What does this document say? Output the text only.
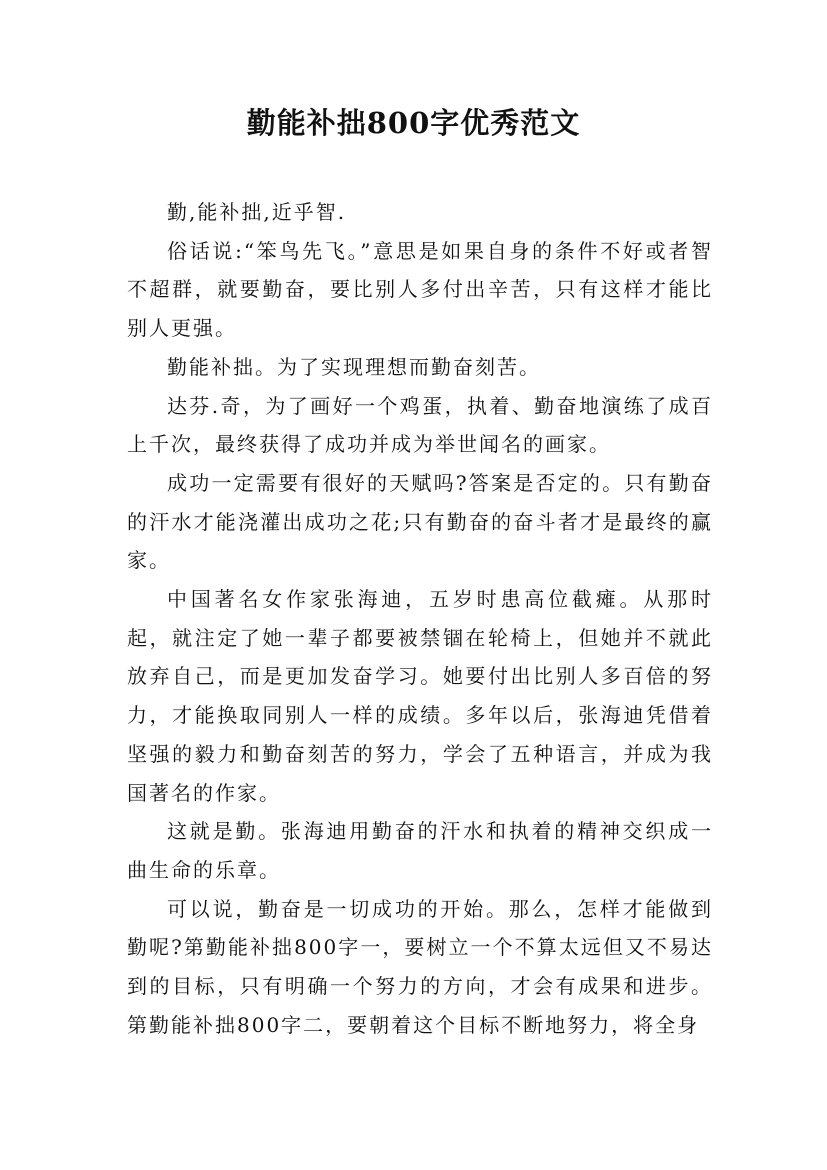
勤能补拙800字优秀范文

勤,能补拙,近乎智.

俗话说:“笨鸟先飞。”意思是如果自身的条件不好或者智不超群，就要勤奋，要比别人多付出辛苦，只有这样才能比别人更强。

勤能补拙。为了实现理想而勤奋刻苦。

达芬.奇，为了画好一个鸡蛋，执着、勤奋地演练了成百上千次，最终获得了成功并成为举世闻名的画家。

成功一定需要有很好的天赋吗?答案是否定的。只有勤奋的汗水才能浇灌出成功之花;只有勤奋的奋斗者才是最终的赢家。

中国著名女作家张海迪，五岁时患高位截瘫。从那时起，就注定了她一辈子都要被禁锢在轮椅上，但她并不就此放弃自己，而是更加发奋学习。她要付出比别人多百倍的努力，才能换取同别人一样的成绩。多年以后，张海迪凭借着坚强的毅力和勤奋刻苦的努力，学会了五种语言，并成为我国著名的作家。

这就是勤。张海迪用勤奋的汗水和执着的精神交织成一曲生命的乐章。

可以说，勤奋是一切成功的开始。那么，怎样才能做到勤呢?第勤能补拙800字一，要树立一个不算太远但又不易达到的目标，只有明确一个努力的方向，才会有成果和进步。第勤能补拙800字二，要朝着这个目标不断地努力，将全身
